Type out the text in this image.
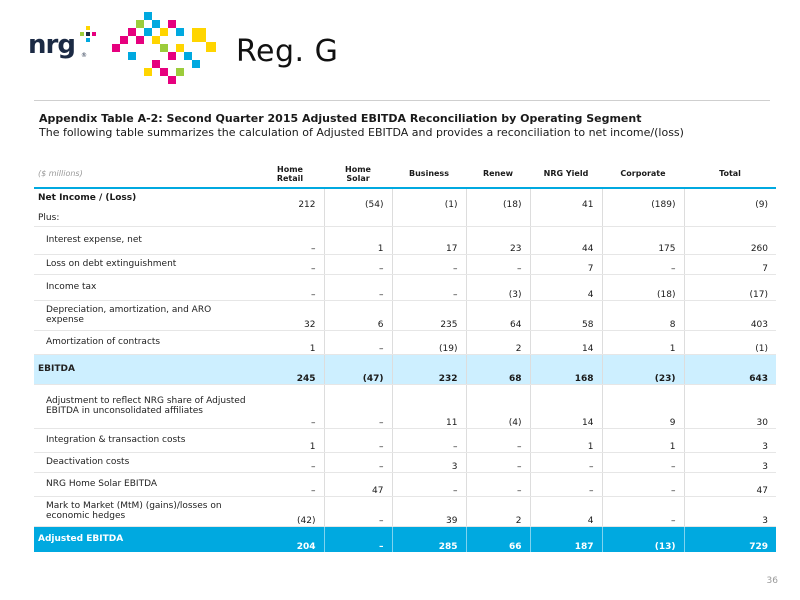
nrg ®	Reg. G
Appendix Table A-2: Second Quarter 2015 Adjusted EBITDA Reconciliation by Operating Segment
The following table summarizes the calculation of Adjusted EBITDA and provides a reconciliation to net income/(loss)
($ millions)	Home Retail	Home Solar	Business	Renew	NRG Yield	Corporate	Total
Net Income / (Loss)	212	(54)	(1)	(18)	41	(189)	(9)
Plus:							
Interest expense, net	–	1	17	23	44	175	260
Loss on debt extinguishment	–	–	–	–	7	–	7
Income tax	–	–	–	(3)	4	(18)	(17)
Depreciation, amortization, and ARO expense	32	6	235	64	58	8	403
Amortization of contracts	1	–	(19)	2	14	1	(1)
EBITDA	245	(47)	232	68	168	(23)	643
Adjustment to reflect NRG share of Adjusted EBITDA in unconsolidated affiliates	–	–	11	(4)	14	9	30
Integration & transaction costs	1	–	–	–	1	1	3
Deactivation costs	–	–	3	–	–	–	3
NRG Home Solar EBITDA	–	47	–	–	–	–	47
Mark to Market (MtM) (gains)/losses on economic hedges	(42)	–	39	2	4	–	3
Adjusted EBITDA	204	–	285	66	187	(13)	729
36
